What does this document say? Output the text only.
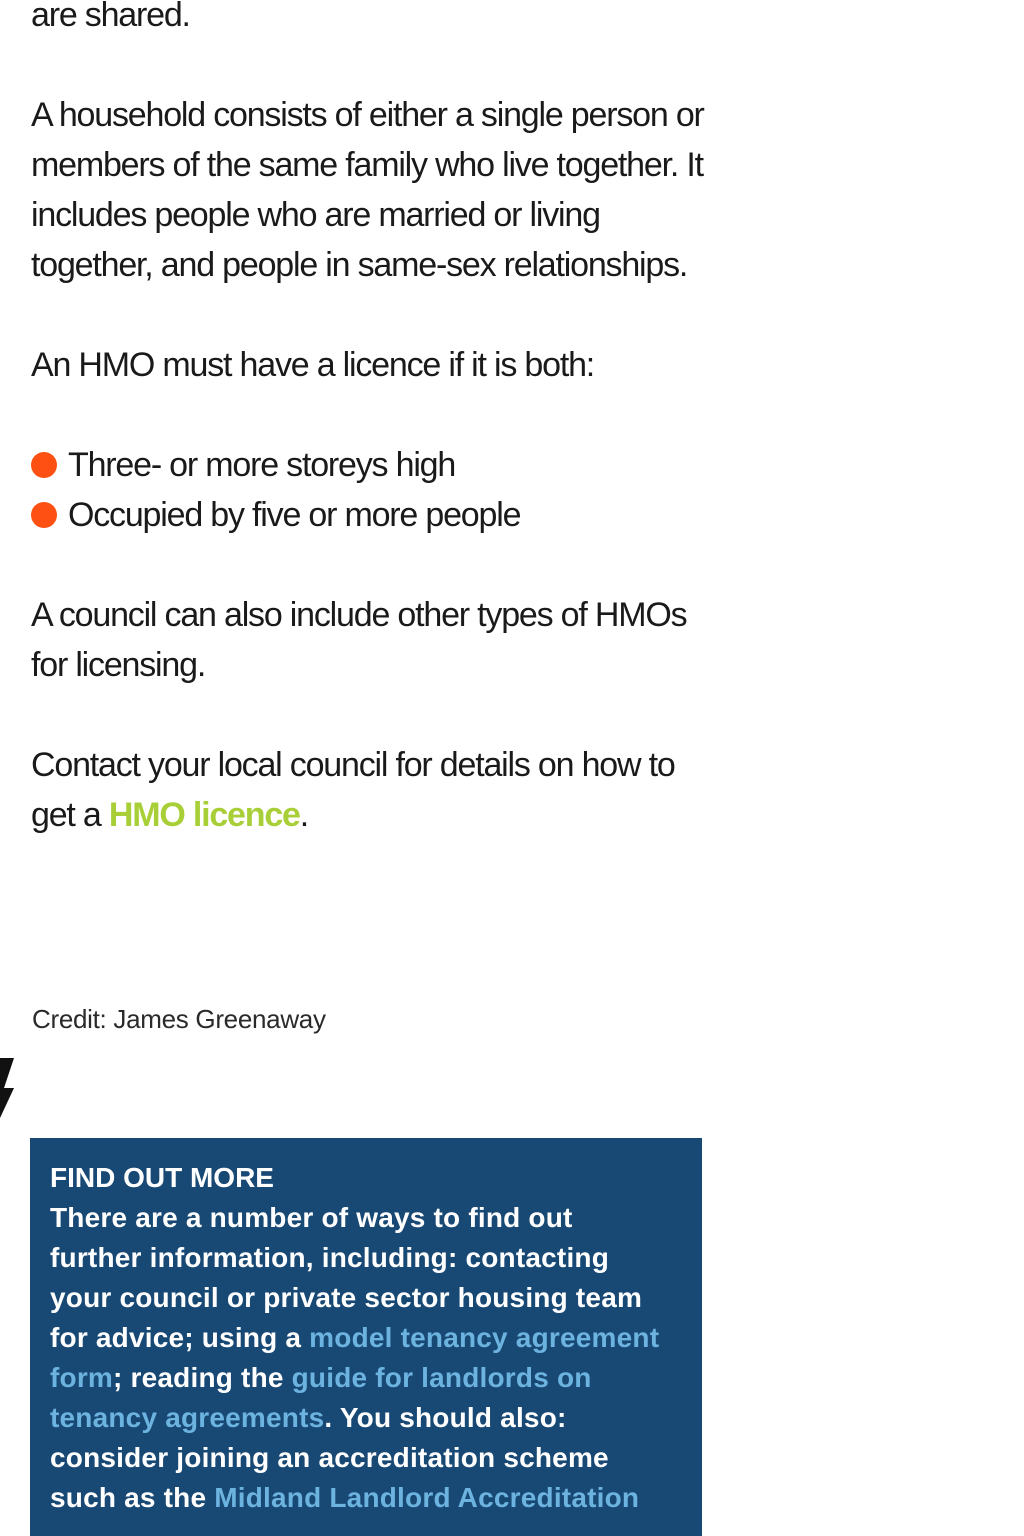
are shared.

A household consists of either a single person or members of the same family who live together. It includes people who are married or living together, and people in same-sex relationships.

An HMO must have a licence if it is both:

Three- or more storeys high
Occupied by five or more people

A council can also include other types of HMOs for licensing.

Contact your local council for details on how to get a HMO licence.

Credit: James Greenaway
FIND OUT MORE
There are a number of ways to find out further information, including: contacting your council or private sector housing team for advice; using a model tenancy agreement form; reading the guide for landlords on tenancy agreements. You should also: consider joining an accreditation scheme such as the Midland Landlord Accreditation
